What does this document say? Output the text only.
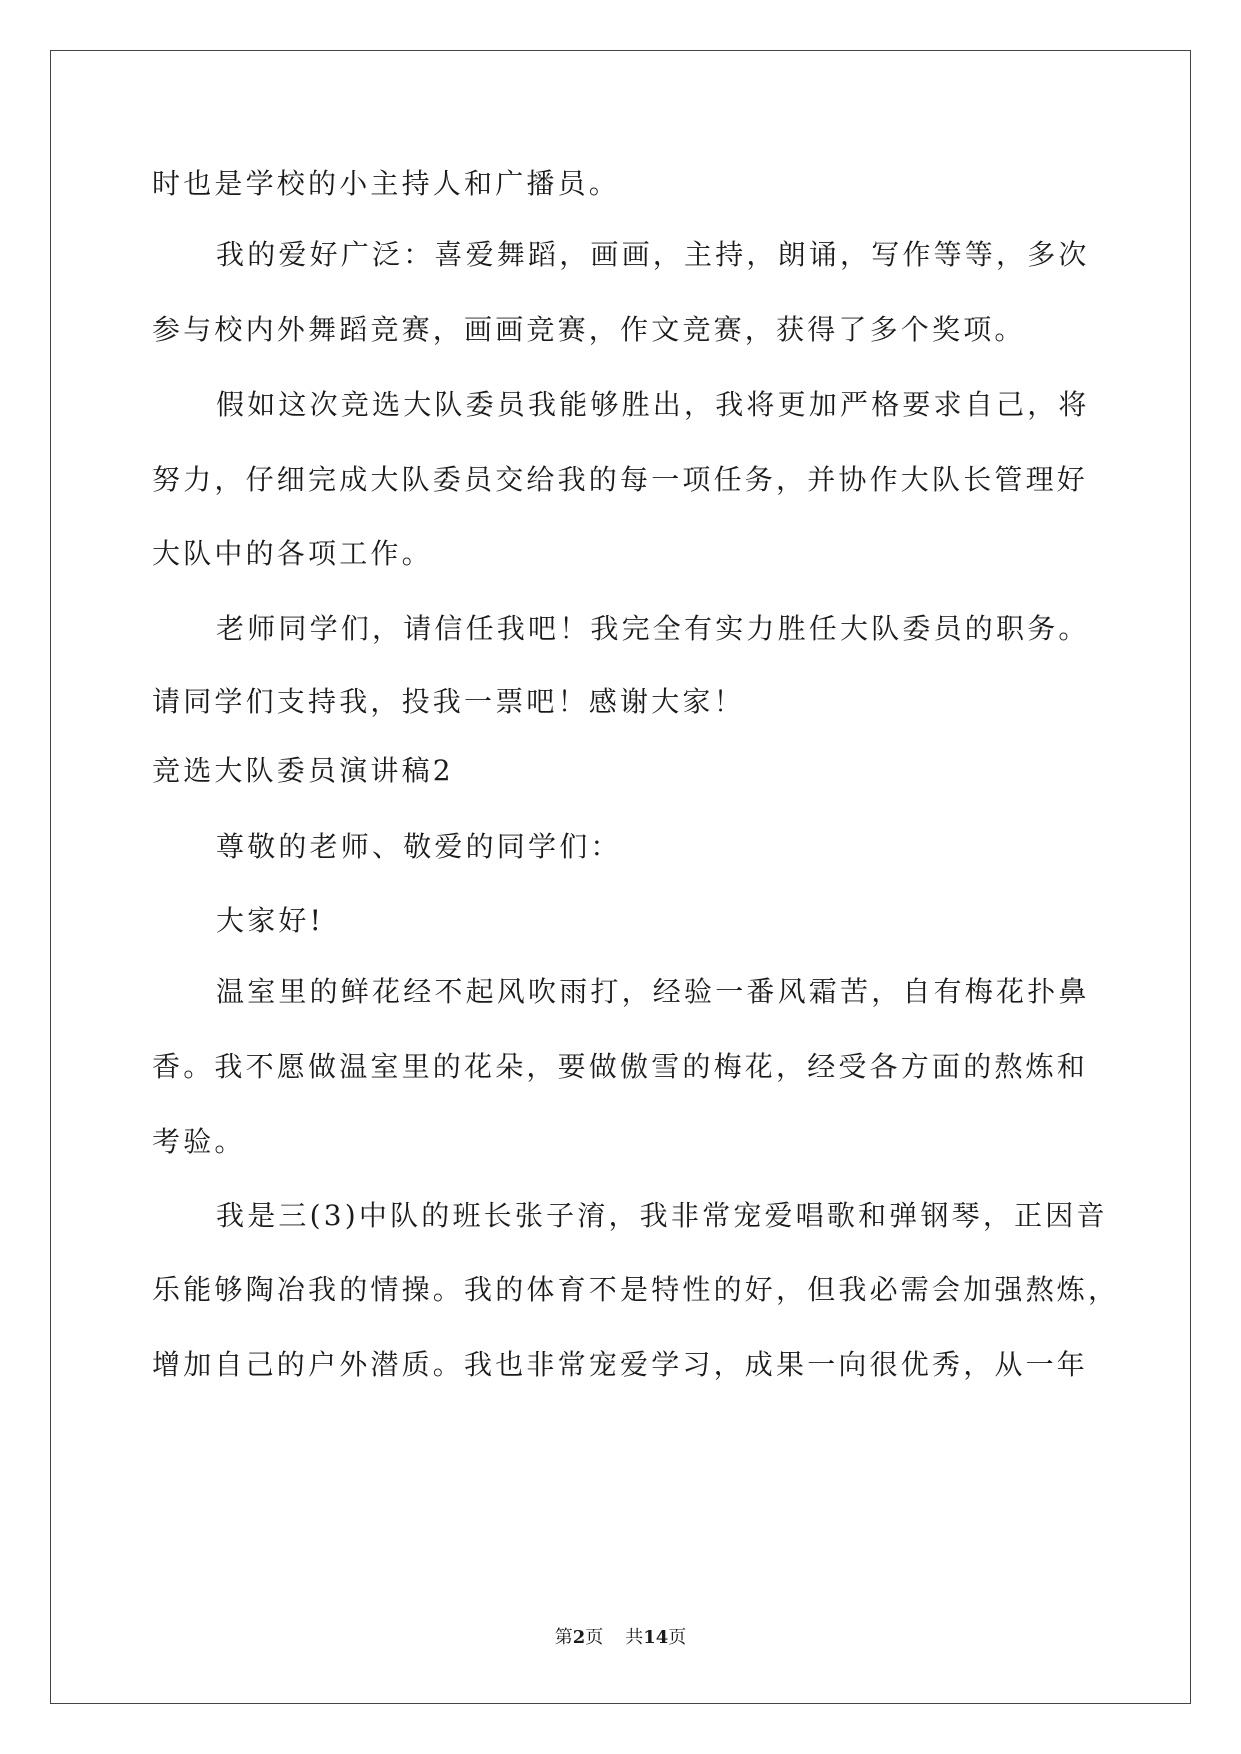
时也是学校的小主持人和广播员。
我的爱好广泛：喜爱舞蹈，画画，主持，朗诵，写作等等，多次
参与校内外舞蹈竞赛，画画竞赛，作文竞赛，获得了多个奖项。
假如这次竞选大队委员我能够胜出，我将更加严格要求自己，将
努力，仔细完成大队委员交给我的每一项任务，并协作大队长管理好
大队中的各项工作。
老师同学们，请信任我吧！我完全有实力胜任大队委员的职务。
请同学们支持我，投我一票吧！感谢大家！
竞选大队委员演讲稿2
尊敬的老师、敬爱的同学们：
大家好!
温室里的鲜花经不起风吹雨打，经验一番风霜苦，自有梅花扑鼻
香。我不愿做温室里的花朵，要做傲雪的梅花，经受各方面的熬炼和
考验。
我是三(3)中队的班长张子淯，我非常宠爱唱歌和弹钢琴，正因音
乐能够陶冶我的情操。我的体育不是特性的好，但我必需会加强熬炼，
增加自己的户外潜质。我也非常宠爱学习，成果一向很优秀，从一年
第2页 共14页
